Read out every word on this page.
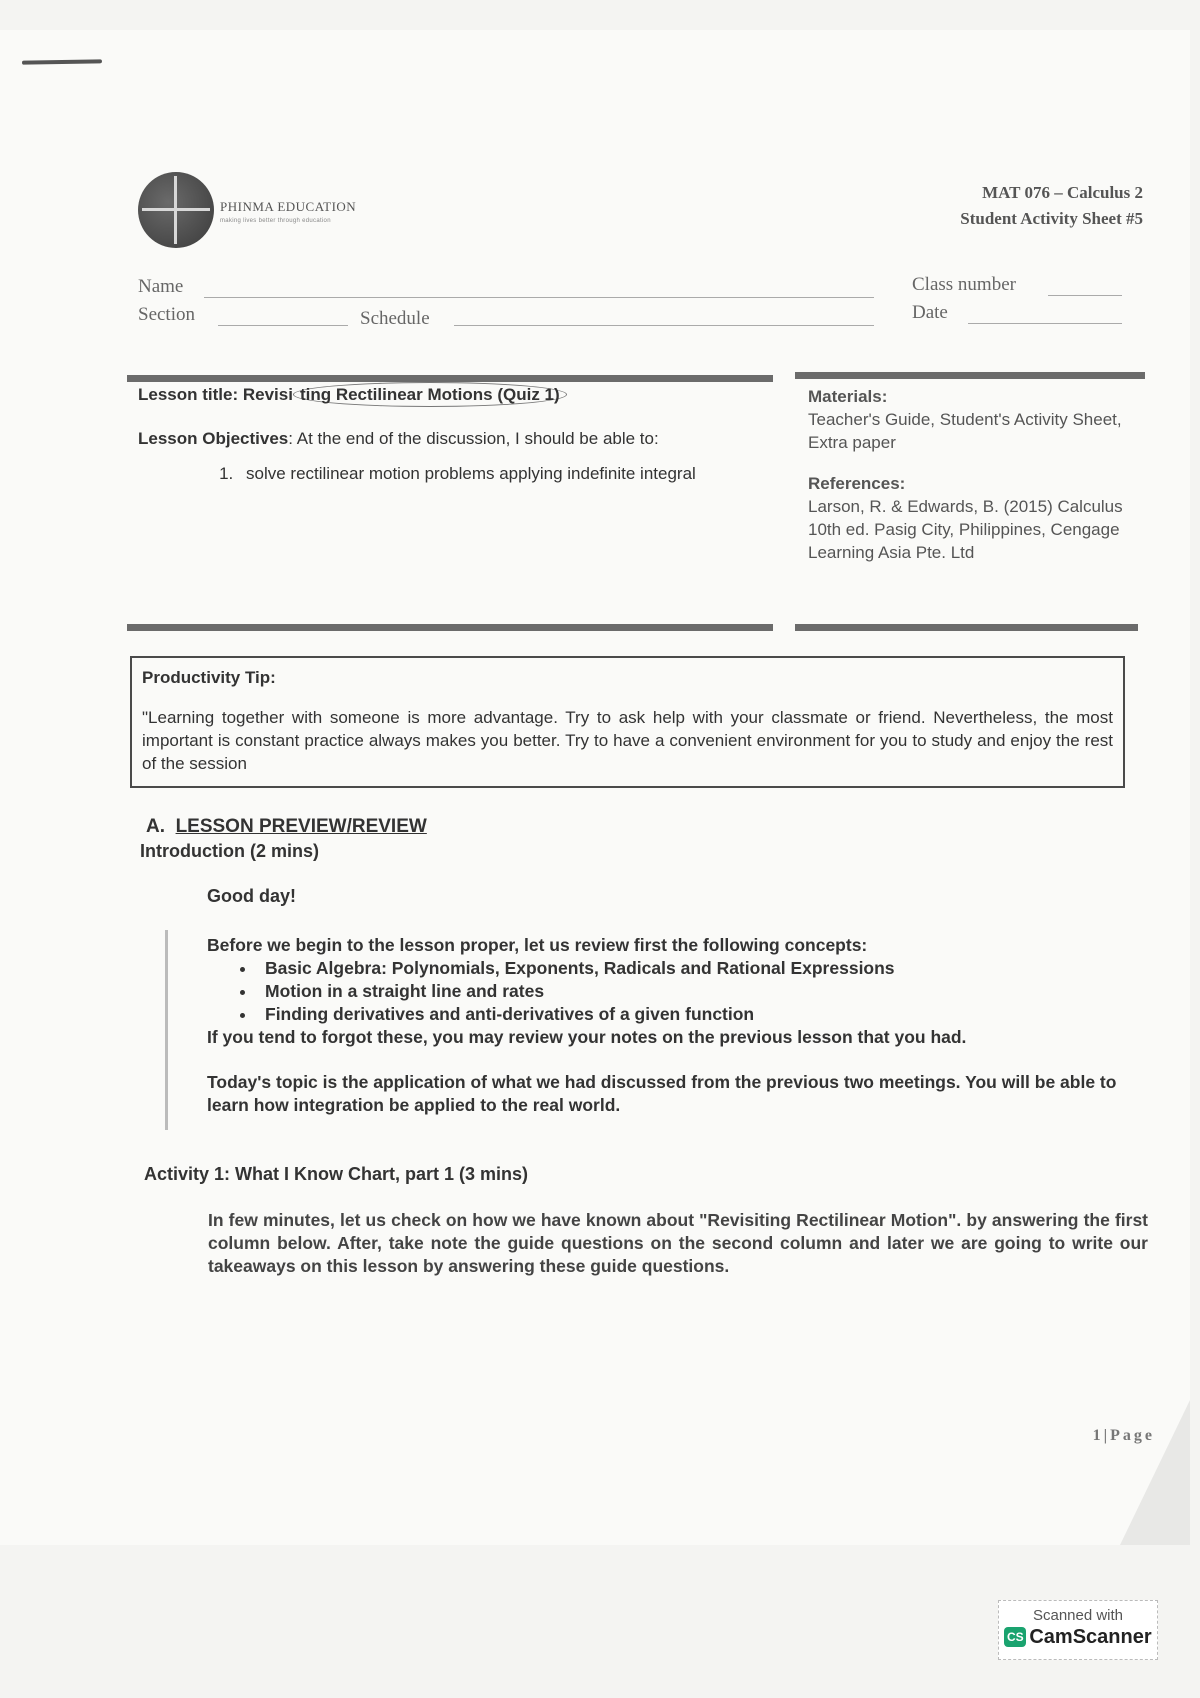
PHINMA EDUCATION
making lives better through education
MAT 076 – Calculus 2
Student Activity Sheet #5
Name
Section	Schedule
Class number
Date
Lesson title: Revisi ting Rectilinear Motions (Quiz 1)
Lesson Objectives: At the end of the discussion, I should be able to:
1. solve rectilinear motion problems applying indefinite integral
Materials:
Teacher's Guide, Student's Activity Sheet, Extra paper
References:
Larson, R. & Edwards, B. (2015) Calculus 10th ed. Pasig City, Philippines, Cengage Learning Asia Pte. Ltd
Productivity Tip:
"Learning together with someone is more advantage. Try to ask help with your classmate or friend. Nevertheless, the most important is constant practice always makes you better. Try to have a convenient environment for you to study and enjoy the rest of the session
A. LESSON PREVIEW/REVIEW
Introduction (2 mins)
Good day!
Before we begin to the lesson proper, let us review first the following concepts:
• Basic Algebra: Polynomials, Exponents, Radicals and Rational Expressions
• Motion in a straight line and rates
• Finding derivatives and anti-derivatives of a given function
If you tend to forgot these, you may review your notes on the previous lesson that you had.
Today's topic is the application of what we had discussed from the previous two meetings. You will be able to learn how integration be applied to the real world.
Activity 1: What I Know Chart, part 1 (3 mins)
In few minutes, let us check on how we have known about "Revisiting Rectilinear Motion". by answering the first column below. After, take note the guide questions on the second column and later we are going to write our takeaways on this lesson by answering these guide questions.
1|Page
Scanned with
CS CamScanner
